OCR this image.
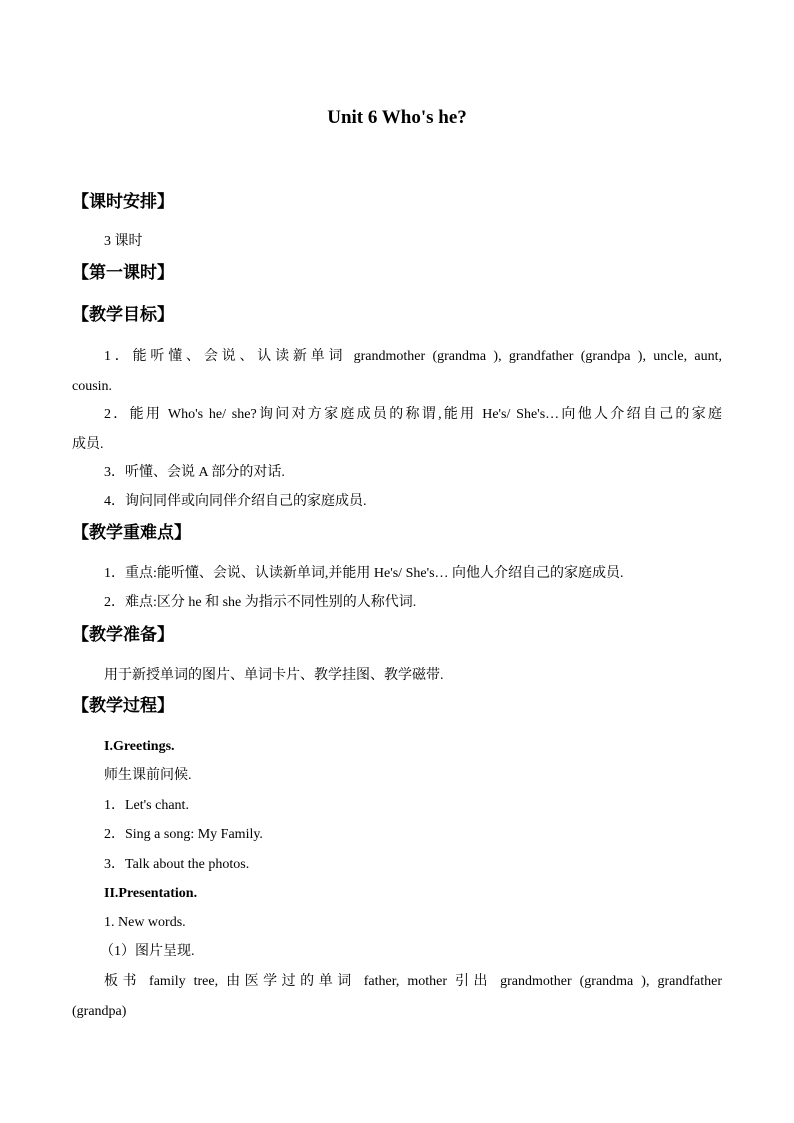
Unit 6 Who's he?
【课时安排】
3 课时
【第一课时】
【教学目标】
1．能听懂、会说、认读新单词 grandmother (grandma ), grandfather (grandpa ), uncle, aunt,
cousin.
2．能用 Who's he/ she?询问对方家庭成员的称谓,能用 He's/ She's…向他人介绍自己的家庭
成员.
3．听懂、会说 A 部分的对话.
4．询问同伴或向同伴介绍自己的家庭成员.
【教学重难点】
1．重点:能听懂、会说、认读新单词,并能用 He's/ She's… 向他人介绍自己的家庭成员.
2．难点:区分 he 和 she 为指示不同性别的人称代词.
【教学准备】
用于新授单词的图片、单词卡片、教学挂图、教学磁带.
【教学过程】
I.Greetings.
师生课前问候.
1．Let's chant.
2．Sing a song: My Family.
3．Talk about the photos.
II.Presentation.
1. New words.
（1）图片呈现.
板书 family tree, 由医学过的单词 father, mother 引出 grandmother (grandma ), grandfather
(grandpa)
